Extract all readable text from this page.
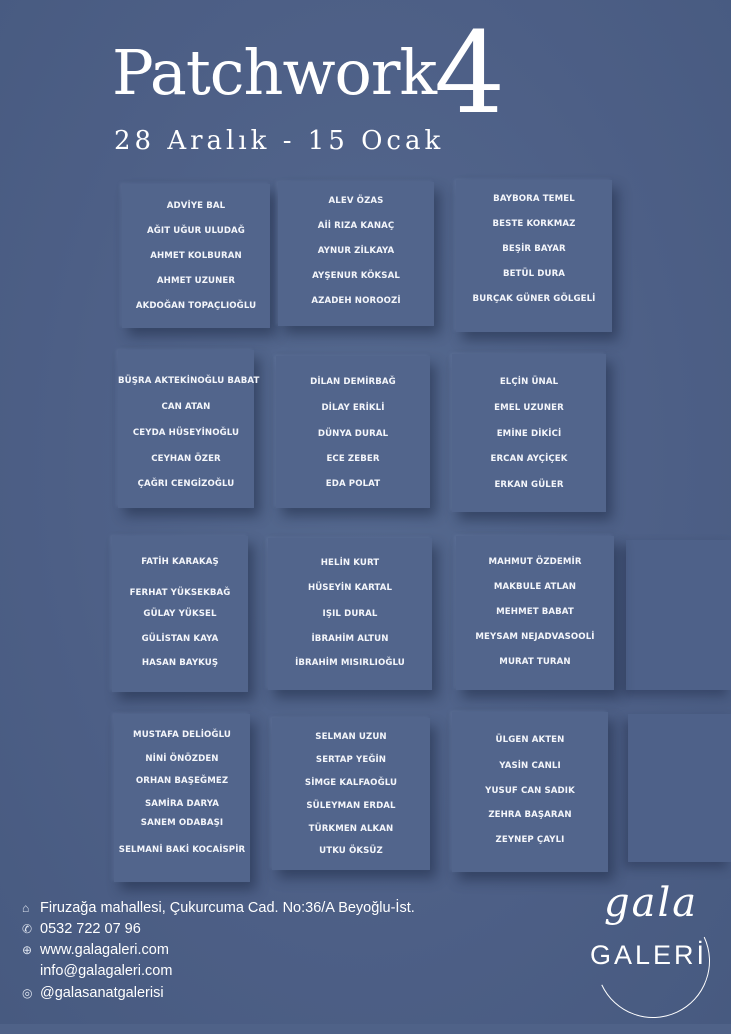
Patchwork
4
28 Aralık - 15 Ocak
ADVİYE BAL
AĞIT UĞUR ULUDAĞ
AHMET KOLBURAN
AHMET UZUNER
AKDOĞAN TOPAÇLIOĞLU
ALEV ÖZAS
Aİİ RIZA KANAÇ
AYNUR ZİLKAYA
AYŞENUR KÖKSAL
AZADEH NOROOZİ
BAYBORA TEMEL
BESTE KORKMAZ
BEŞİR BAYAR
BETÜL DURA
BURÇAK GÜNER GÖLGELİ
BÜŞRA AKTEKİNOĞLU BABAT
CAN ATAN
CEYDA HÜSEYİNOĞLU
CEYHAN ÖZER
ÇAĞRI CENGİZOĞLU
DİLAN DEMİRBAĞ
DİLAY ERİKLİ
DÜNYA DURAL
ECE ZEBER
EDA POLAT
ELÇİN ÜNAL
EMEL UZUNER
EMİNE DİKİCİ
ERCAN AYÇİÇEK
ERKAN GÜLER
FATİH KARAKAŞ
FERHAT YÜKSEKBAĞ
GÜLAY YÜKSEL
GÜLİSTAN KAYA
HASAN BAYKUŞ
HELİN KURT
HÜSEYİN KARTAL
IŞIL DURAL
İBRAHİM ALTUN
İBRAHİM MISIRLIOĞLU
MAHMUT ÖZDEMİR
MAKBULE ATLAN
MEHMET BABAT
MEYSAM NEJADVASOOLİ
MURAT TURAN
MUSTAFA DELİOĞLU
NİNİ ÖNÖZDEN
ORHAN BAŞEĞMEZ
SAMİRA DARYA
SANEM ODABAŞI
SELMANİ BAKİ KOCAİSPİR
SELMAN UZUN
SERTAP YEĞİN
SİMGE KALFAOĞLU
SÜLEYMAN ERDAL
TÜRKMEN ALKAN
UTKU ÖKSÜZ
ÜLGEN AKTEN
YASİN CANLI
YUSUF CAN SADIK
ZEHRA BAŞARAN
ZEYNEP ÇAYLI
⌂ Firuzağa mahallesi, Çukurcuma Cad. No:36/A Beyoğlu-İst.
✆ 0532 722 07 96
⊕ www.galagaleri.com
info@galagaleri.com
◎ @galasanatgalerisi
gala
GALERİ
